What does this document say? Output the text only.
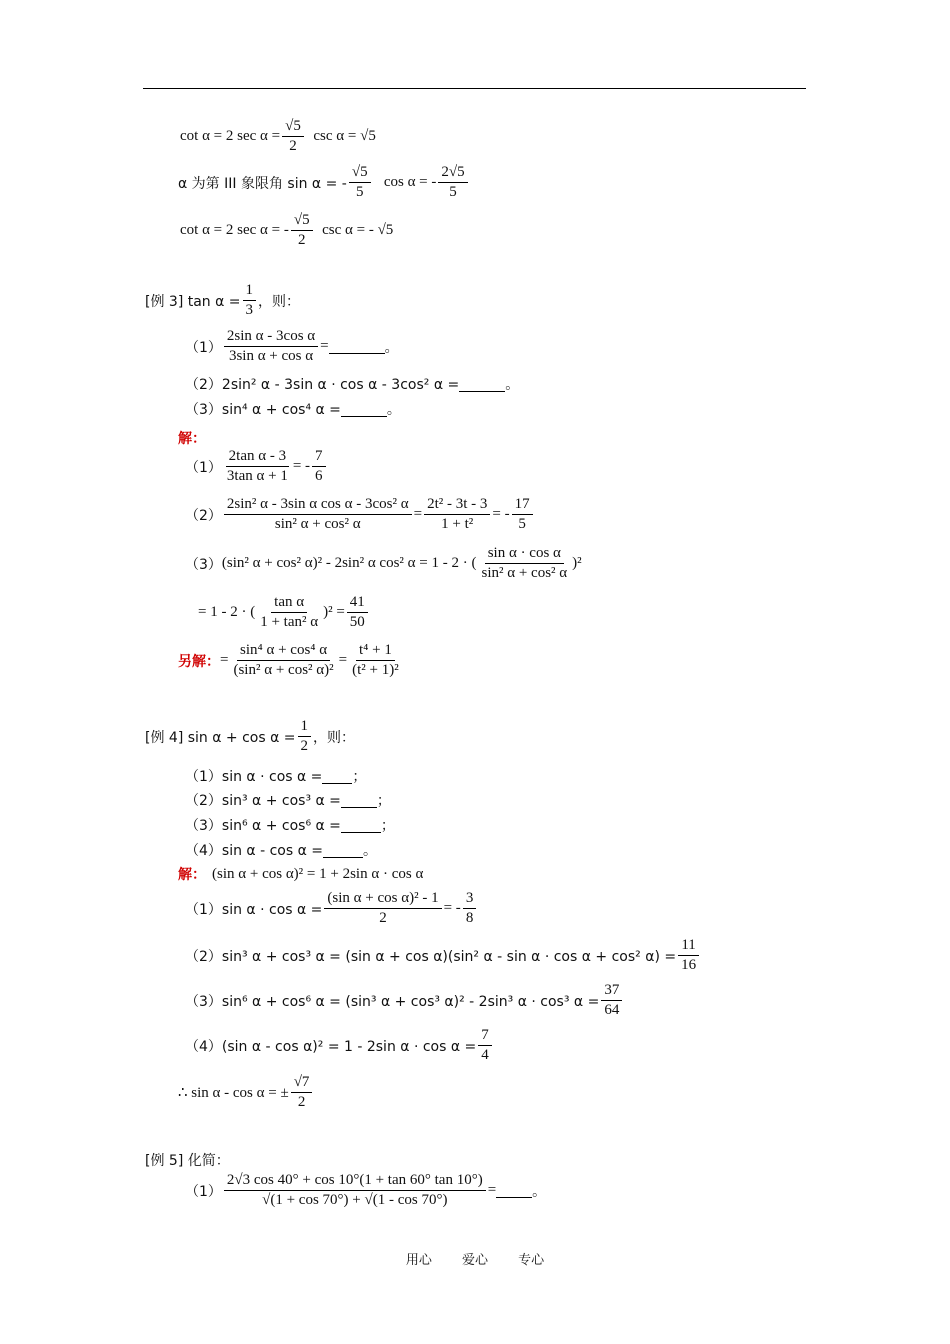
cot α = 2 $\sec \alpha = \frac{√5}{2}$ csc α = √5
α 为第 III 象限角 sin α = - $\frac{√5}{5}$ cos α = - $\frac{2√5}{5}$
cot α = 2 sec α = - $\frac{√5}{2}$ csc α = - √5
[例 3] $\tan \alpha = \frac{1}{3}$ ，则：
$(1) \frac{\text{2sin α - 3cos α}}{\text{3sin α + cos α}}$ =	。
（2）2sin² α - 3sin α · cos α - 3cos² α =	。
（3）sin⁴ α + cos⁴ α =	。
解：
$(1) \frac{\text{2tan α - 3}}{\text{3tan α + 1}}$ = - $\frac{7}{6}$
$(2) \frac{\text{2sin² α - 3sin α cos α - 3cos² α}}{\text{sin² α + cos² α}} = \frac{\text{2t² - 3t - 3}}{\text{1 + t²}}$ = - $\frac{17}{5}$
（3） (sin² α + cos² α)² - 2sin² α cos² α = 1 - 2 · ( $\frac{\text{sin α · cos α}}{\text{sin² α + cos² α}} )^2$
= 1 - 2 · ( $\frac{\text{tan α}}{\text{1 + tan² α}} )^2 = \frac{41}{50}$
另解： = $\frac{\text{sin⁴ α + cos⁴ α}}{\text{(sin² α + cos² α)²}} = \frac{\text{t⁴ + 1}}{\text{(t² + 1)²}}$
[例 4] $\sin \alpha + \cos \alpha = \frac{1}{2}$ ，则：
（1）sin α · cos α = ；
（2）sin³ α + cos³ α =	；
（3）sin⁶ α + cos⁶ α =	；
（4）sin α - cos α =	。
解： (sin α + cos α)² = 1 + 2sin α · cos α
（1）sin $\alpha \cdot \cos \alpha = \frac{\text{(sin α + cos α)² - 1}}{2}$ = - $\frac{3}{8}$
（2）sin³ α + cos³ α = (sin α + cos α)(sin² α - sin α · cos α + cos² $\alpha) = \frac{11}{16}$
（3）sin⁶ α + cos⁶ α = (sin³ α + cos³ α)² - 2sin³ α · cos³ $\alpha = \frac{37}{64}$
（4）(sin α - cos α)² = 1 - 2sin $\alpha \cdot \cos \alpha = \frac{7}{4}$
∴ sin α - cos α = ± $\frac{√7}{2}$
[例 5] 化简：
$(1) \frac{2√3 \cos 40^\circ + \cos 10^\circ(1 + \tan 60^\circ \tan 10^\circ)}{√(1 + \cos 70^\circ) + √(1 - \cos 70^\circ)}$ =	。
用心 爱心 专心
